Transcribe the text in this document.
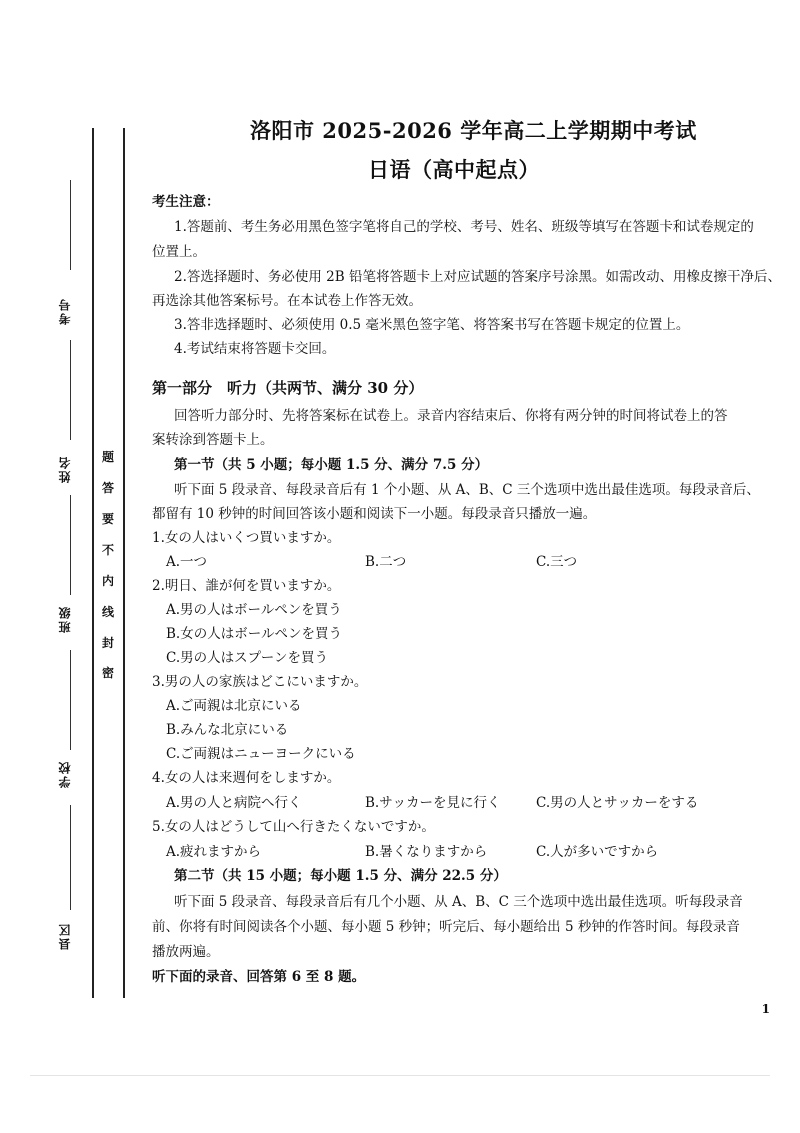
考号
姓名
班级
学校
县区
密
封
线
内
不
要
答
题
洛阳市 2025-2026 学年高二上学期期中考试
日语（高中起点）
考生注意：
1.答题前、考生务必用黑色签字笔将自己的学校、考号、姓名、班级等填写在答题卡和试卷规定的
位置上。
2.答选择题时、务必使用 2B 铅笔将答题卡上对应试题的答案序号涂黑。如需改动、用橡皮擦干净后、
再选涂其他答案标号。在本试卷上作答无效。
3.答非选择题时、必须使用 0.5 毫米黑色签字笔、将答案书写在答题卡规定的位置上。
4.考试结束将答题卡交回。
第一部分　听力（共两节、满分 30 分）
回答听力部分时、先将答案标在试卷上。录音内容结束后、你将有两分钟的时间将试卷上的答
案转涂到答题卡上。
第一节（共 5 小题；每小题 1.5 分、满分 7.5 分）
听下面 5 段录音、每段录音后有 1 个小题、从 A、B、C 三个选项中选出最佳选项。每段录音后、
都留有 10 秒钟的时间回答该小题和阅读下一小题。每段录音只播放一遍。
1.女の人はいくつ買いますか。
A.一つ	B.二つ	C.三つ
2.明日、誰が何を買いますか。
A.男の人はボールペンを買う
B.女の人はボールペンを買う
C.男の人はスプーンを買う
3.男の人の家族はどこにいますか。
A.ご両親は北京にいる
B.みんな北京にいる
C.ご両親はニューヨークにいる
4.女の人は来週何をしますか。
A.男の人と病院へ行く	B.サッカーを見に行く	C.男の人とサッカーをする
5.女の人はどうして山へ行きたくないですか。
A.疲れますから	B.暑くなりますから	C.人が多いですから
第二节（共 15 小题；每小题 1.5 分、满分 22.5 分）
听下面 5 段录音、每段录音后有几个小题、从 A、B、C 三个选项中选出最佳选项。听每段录音
前、你将有时间阅读各个小题、每小题 5 秒钟；听完后、每小题给出 5 秒钟的作答时间。每段录音
播放两遍。
听下面的录音、回答第 6 至 8 题。
1
